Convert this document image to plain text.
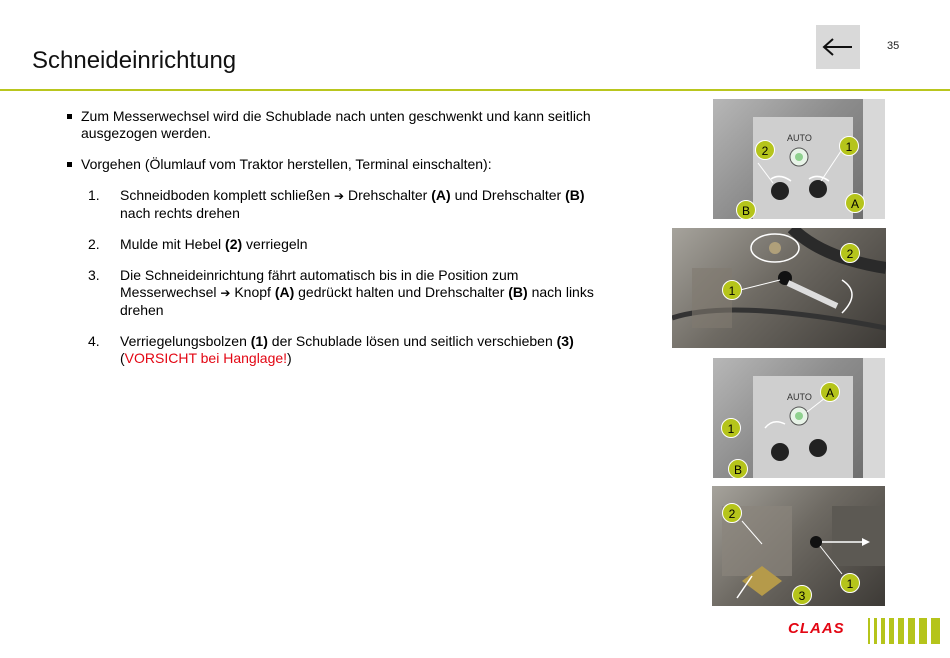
Schneideinrichtung
35
Zum Messerwechsel wird die Schublade nach unten geschwenkt und kann seitlich ausgezogen werden.
Vorgehen (Ölumlauf vom Traktor herstellen, Terminal einschalten):
1. Schneidboden komplett schließen ➔ Drehschalter (A) und Drehschalter (B) nach rechts drehen
2. Mulde mit Hebel (2) verriegeln
3. Die Schneideinrichtung fährt automatisch bis in die Position zum Messerwechsel ➔ Knopf (A) gedrückt halten und Drehschalter (B) nach links drehen
4. Verriegelungsbolzen (1) der Schublade lösen und seitlich verschieben (3)
(VORSICHT bei Hanglage!)
AUTO
2	1
B	A
2
1
AUTO	A
1
B
2
1
3
CLAAS
